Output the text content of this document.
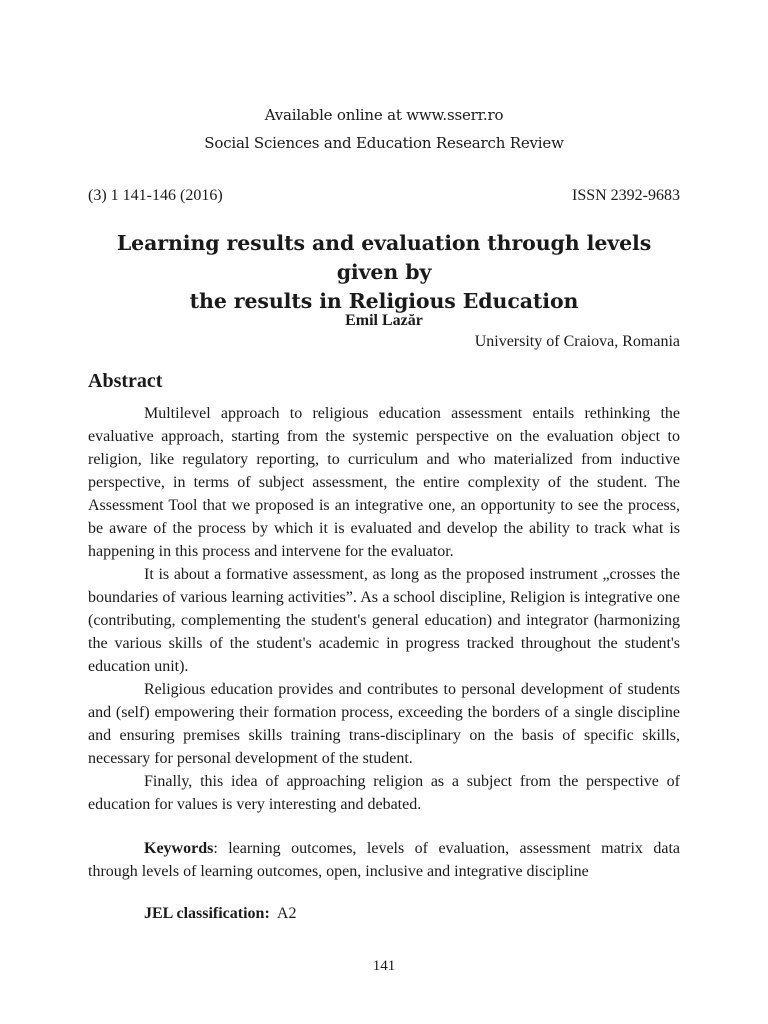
Available online at www.sserr.ro
Social Sciences and Education Research Review
(3) 1 141-146 (2016)	ISSN 2392-9683
Learning results and evaluation through levels given by
the results in Religious Education
Emil Lazăr
University of Craiova, Romania
Abstract

Multilevel approach to religious education assessment entails rethinking the evaluative approach, starting from the systemic perspective on the evaluation object to religion, like regulatory reporting, to curriculum and who materialized from inductive perspective, in terms of subject assessment, the entire complexity of the student. The Assessment Tool that we proposed is an integrative one, an opportunity to see the process, be aware of the process by which it is evaluated and develop the ability to track what is happening in this process and intervene for the evaluator.

It is about a formative assessment, as long as the proposed instrument „crosses the boundaries of various learning activities”. As a school discipline, Religion is integrative one (contributing, complementing the student's general education) and integrator (harmonizing the various skills of the student's academic in progress tracked throughout the student's education unit).

Religious education provides and contributes to personal development of students and (self) empowering their formation process, exceeding the borders of a single discipline and ensuring premises skills training trans-disciplinary on the basis of specific skills, necessary for personal development of the student.

Finally, this idea of approaching religion as a subject from the perspective of education for values is very interesting and debated.

Keywords: learning outcomes, levels of evaluation, assessment matrix data through levels of learning outcomes, open, inclusive and integrative discipline
JEL classification: A2
141
